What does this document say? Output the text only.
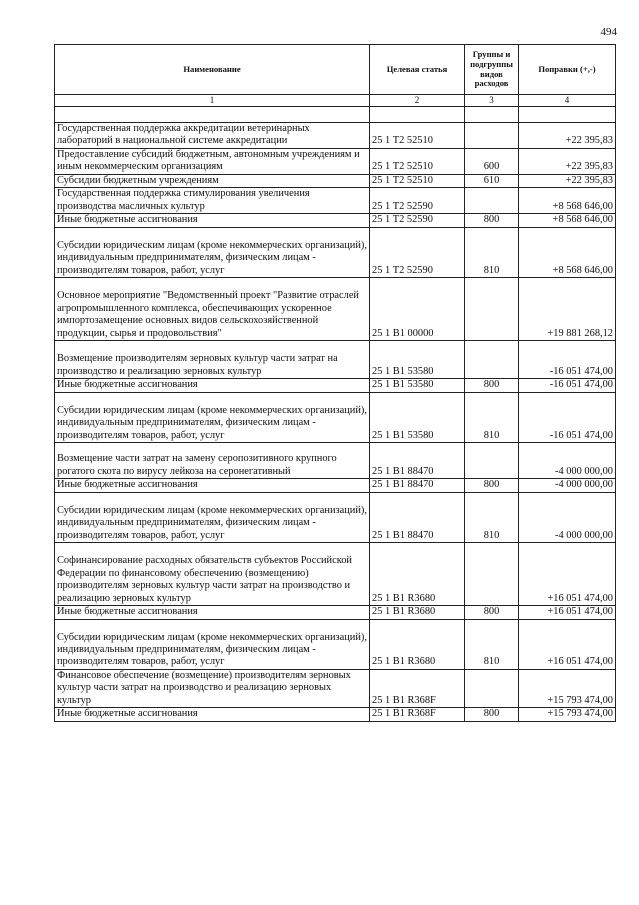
494
Наименование	Целевая статья	Группы и подгруппы видов расходов	Поправки (+,-)
1	2	3	4

Государственная поддержка аккредитации ветеринарных лабораторий в национальной системе аккредитации	25 1 Т2 52510		+22 395,83
Предоставление субсидий бюджетным, автономным учреждениям и иным некоммерческим организациям	25 1 Т2 52510	600	+22 395,83
Субсидии бюджетным учреждениям	25 1 Т2 52510	610	+22 395,83
Государственная поддержка стимулирования увеличения производства масличных культур	25 1 Т2 52590		+8 568 646,00
Иные бюджетные ассигнования	25 1 Т2 52590	800	+8 568 646,00
Субсидии юридическим лицам (кроме некоммерческих организаций), индивидуальным предпринимателям, физическим лицам - производителям товаров, работ, услуг	25 1 Т2 52590	810	+8 568 646,00
Основное мероприятие "Ведомственный проект "Развитие отраслей агропромышленного комплекса, обеспечивающих ускоренное импортозамещение основных видов сельскохозяйственной продукции, сырья и продовольствия"	25 1 В1 00000		+19 881 268,12
Возмещение производителям зерновых культур части затрат на производство и реализацию зерновых культур	25 1 В1 53580		-16 051 474,00
Иные бюджетные ассигнования	25 1 В1 53580	800	-16 051 474,00
Субсидии юридическим лицам (кроме некоммерческих организаций), индивидуальным предпринимателям, физическим лицам - производителям товаров, работ, услуг	25 1 В1 53580	810	-16 051 474,00
Возмещение части затрат на замену серопозитивного крупного рогатого скота по вирусу лейкоза на серонегативный	25 1 В1 88470		-4 000 000,00
Иные бюджетные ассигнования	25 1 В1 88470	800	-4 000 000,00
Субсидии юридическим лицам (кроме некоммерческих организаций), индивидуальным предпринимателям, физическим лицам - производителям товаров, работ, услуг	25 1 В1 88470	810	-4 000 000,00
Софинансирование расходных обязательств субъектов Российской Федерации по финансовому обеспечению (возмещению) производителям зерновых культур части затрат на производство и реализацию зерновых культур	25 1 В1 R3680		+16 051 474,00
Иные бюджетные ассигнования	25 1 В1 R3680	800	+16 051 474,00
Субсидии юридическим лицам (кроме некоммерческих организаций), индивидуальным предпринимателям, физическим лицам - производителям товаров, работ, услуг	25 1 В1 R3680	810	+16 051 474,00
Финансовое обеспечение (возмещение) производителям зерновых культур части затрат на производство и реализацию зерновых культур	25 1 В1 R368F		+15 793 474,00
Иные бюджетные ассигнования	25 1 В1 R368F	800	+15 793 474,00
